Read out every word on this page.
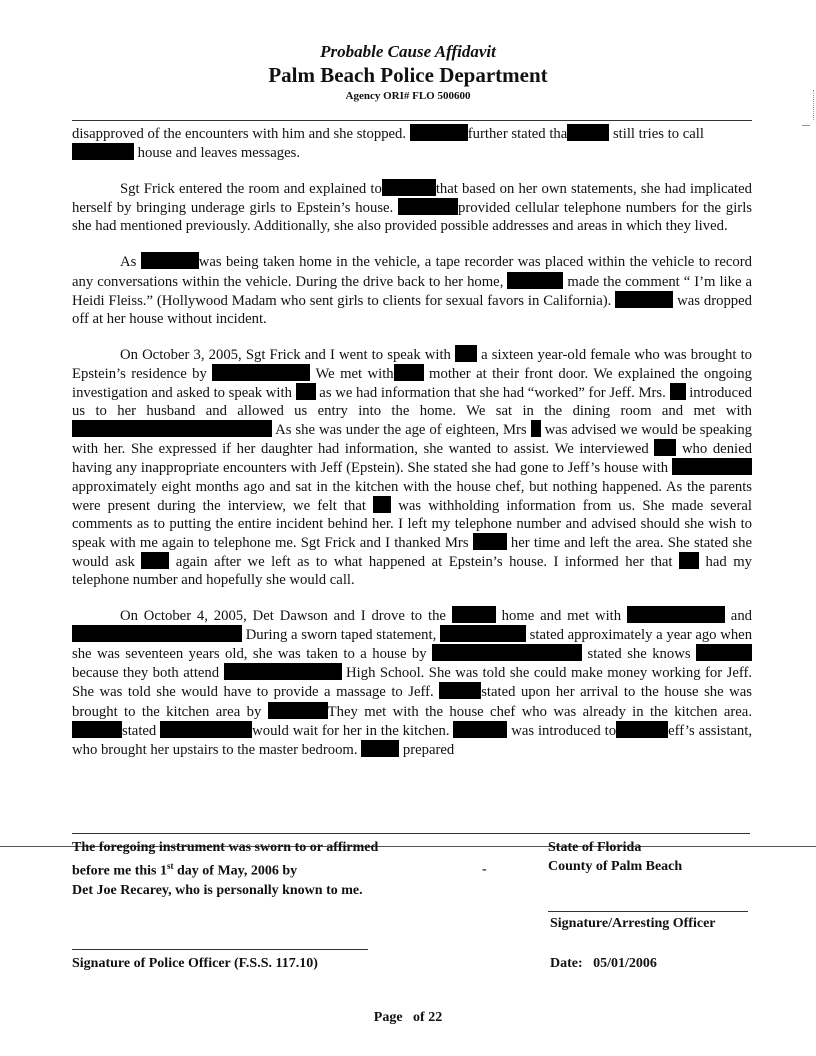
Probable Cause Affidavit
Palm Beach Police Department
Agency ORI# FLO 500600

disapproved of the encounters with him and she stopped.	further stated tha	still tries to call
house and leaves messages.

Sgt Frick entered the room and explained to	that based on her own statements, she had implicated herself by bringing underage girls to Epstein’s house.	provided cellular telephone numbers for the girls she had mentioned previously. Additionally, she also provided possible addresses and areas in which they lived.

As	was being taken home in the vehicle, a tape recorder was placed within the vehicle to record any conversations within the vehicle. During the drive back to her home,	made the comment “ I’m like a Heidi Fleiss.” (Hollywood Madam who sent girls to clients for sexual favors in California).	was dropped off at her house without incident.

On October 3, 2005, Sgt Frick and I went to speak with a sixteen year-old female who was brought to Epstein’s residence by	We met with mother at their front door. We explained the ongoing investigation and asked to speak with as we had information that she had “worked” for Jeff. Mrs. introduced us to her husband and allowed us entry into the home. We sat in the dining room and met with  As she was under the age of eighteen, Mrs was advised we would be speaking with her. She expressed if her daughter had information, she wanted to assist. We interviewed who denied having any inappropriate encounters with Jeff (Epstein). She stated she had gone to Jeff’s house with  approximately eight months ago and sat in the kitchen with the house chef, but nothing happened. As the parents were present during the interview, we felt that was withholding information from us. She made several comments as to putting the entire incident behind her. I left my telephone number and advised should she wish to speak with me again to telephone me. Sgt Frick and I thanked Mrs	her time and left the area. She stated she would ask	again after we left as to what happened at Epstein’s house. I informed her that had my telephone number and hopefully she would call.

On October 4, 2005, Det Dawson and I drove to the	home and met with	and  During a sworn taped statement,	stated approximately a year ago when she was seventeen years old, she was taken to a house by	stated she knows because they both attend	High School. She was told she could make money working for Jeff. She was told she would have to provide a massage to Jeff.	stated upon her arrival to the house she was brought to the kitchen area by	They met with the house chef who was already in the kitchen area. stated	would wait for her in the kitchen.	was introduced to	eff’s assistant, who brought her upstairs to the master bedroom.	prepared

The foregoing instrument was sworn to or affirmed
before me this 1st day of May, 2006 by
Det Joe Recarey, who is personally known to me.
-
State of Florida
County of Palm Beach
Signature/Arresting Officer
Signature of Police Officer (F.S.S. 117.10)	Date: 05/01/2006
Page of 22
